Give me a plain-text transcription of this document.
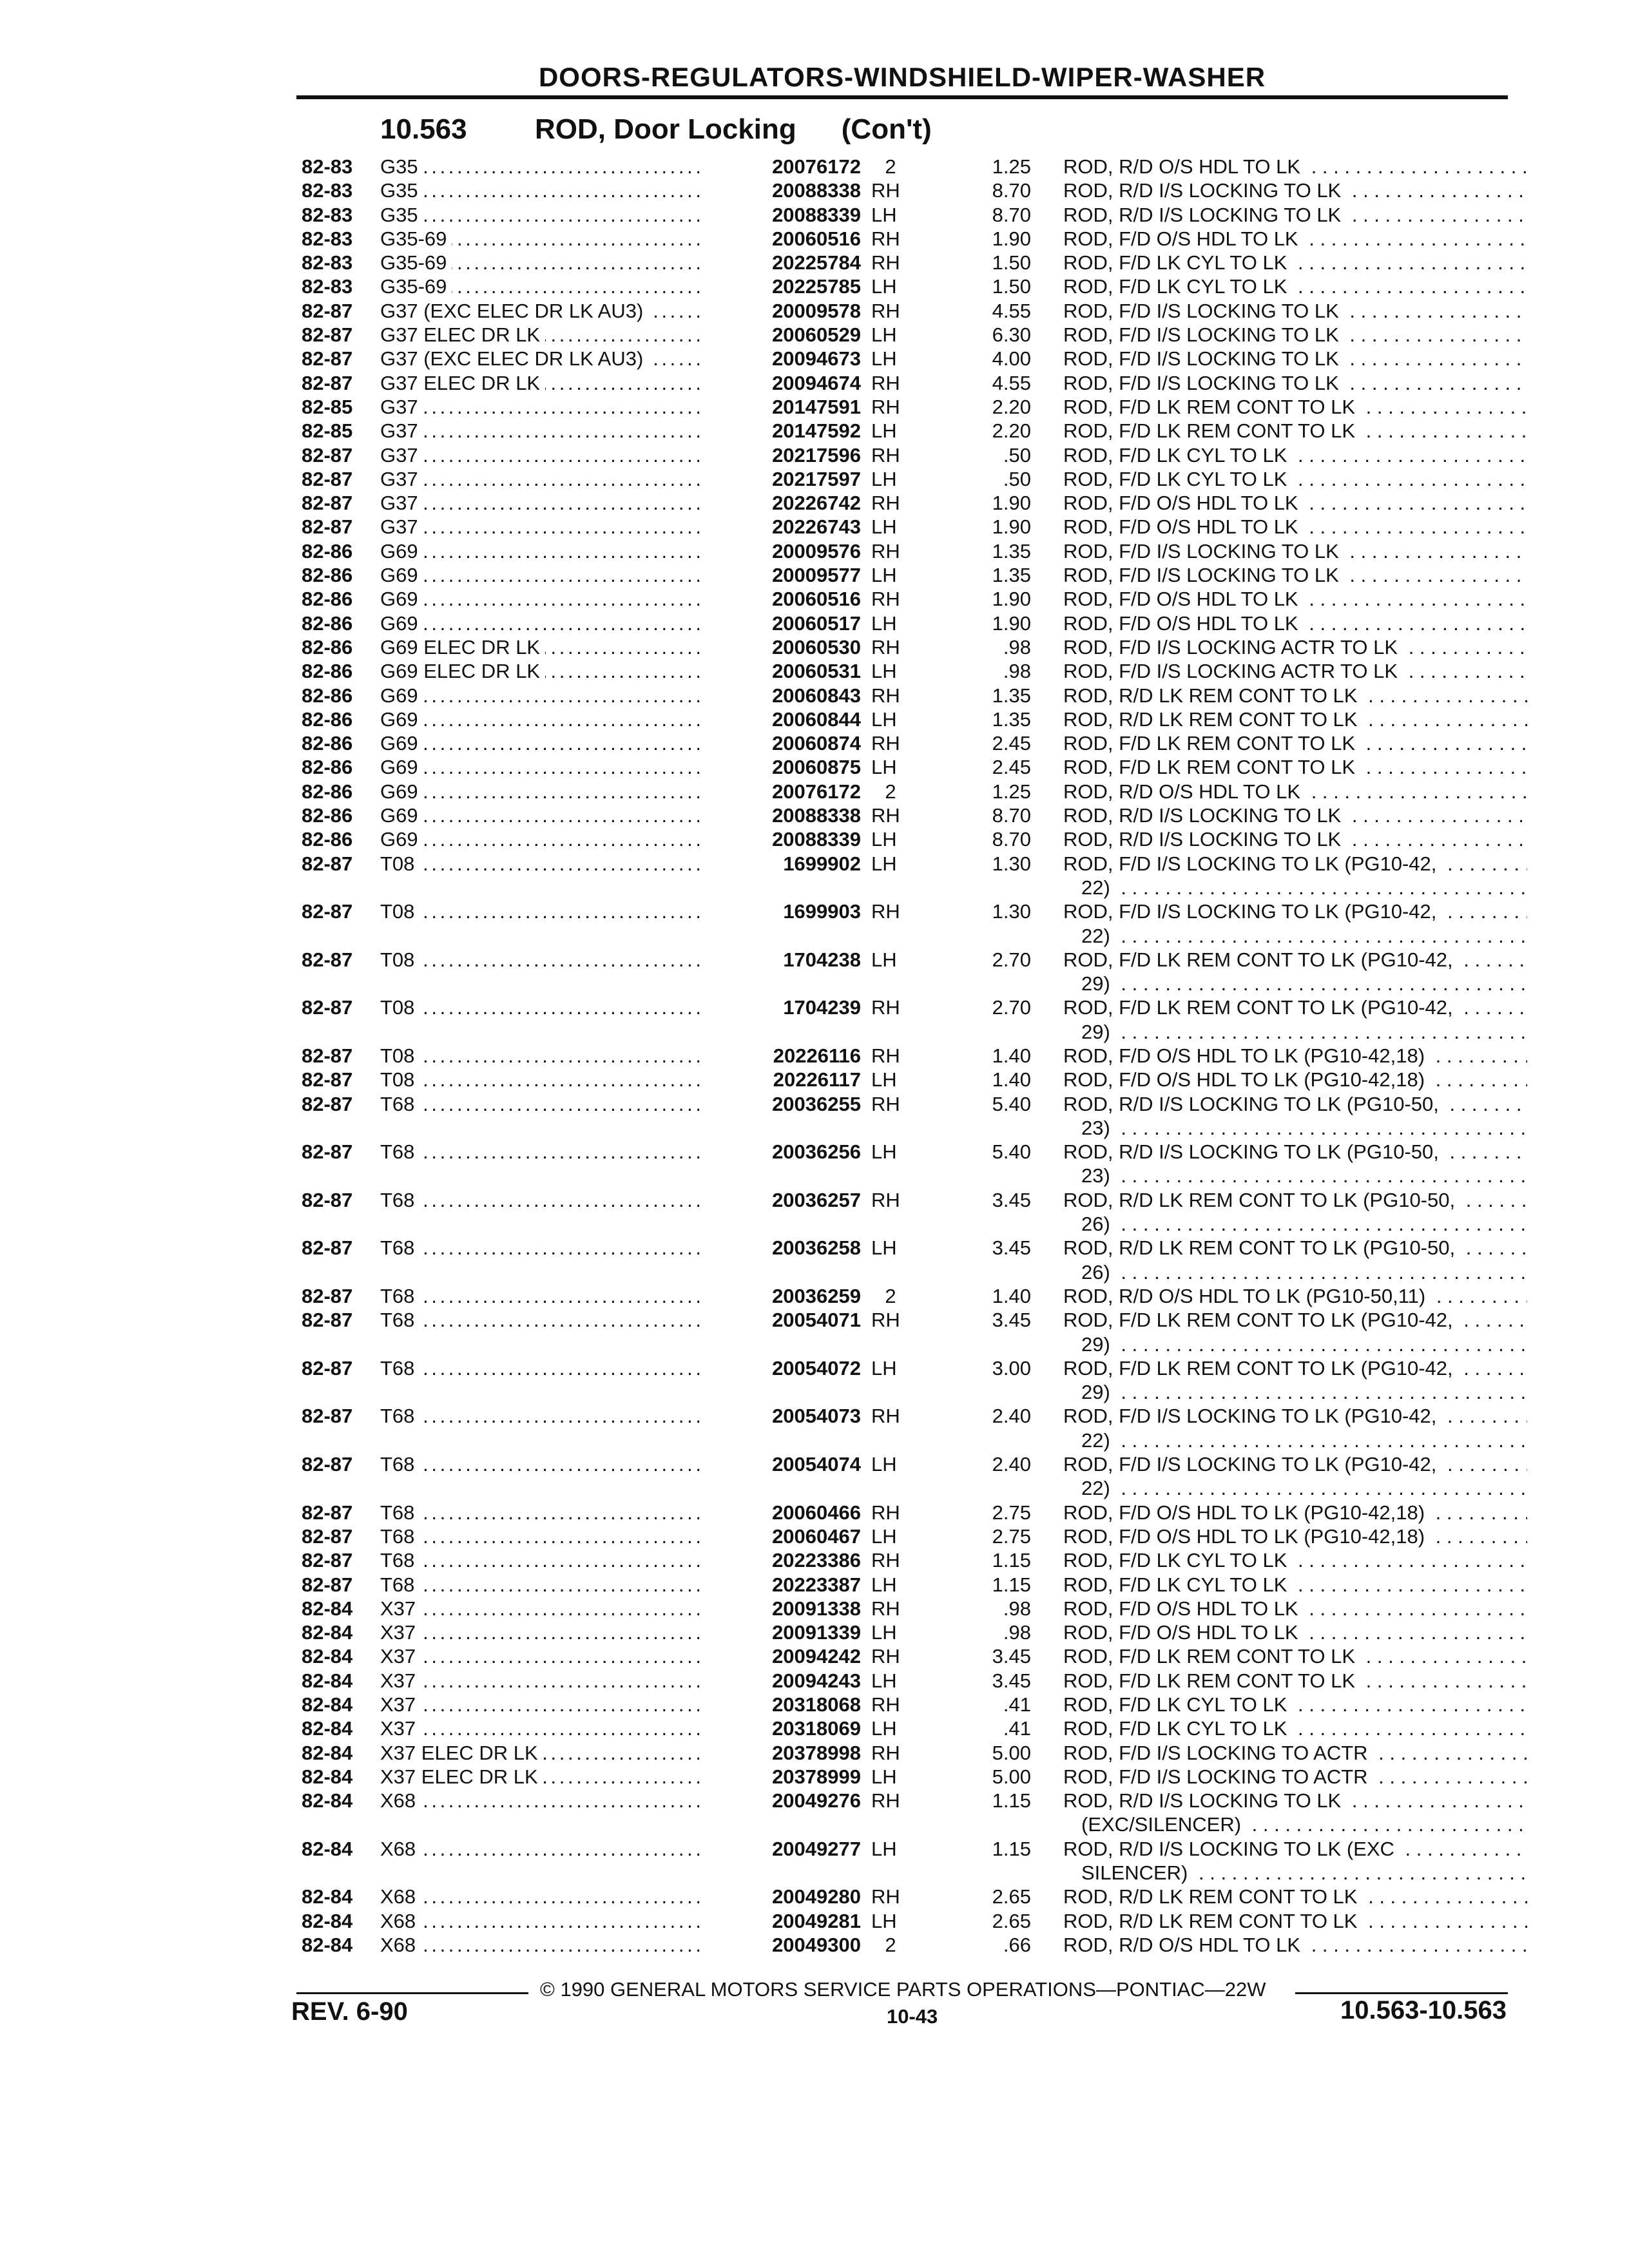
DOORS-REGULATORS-WINDSHIELD-WIPER-WASHER
10.563 ROD, Door Locking (Con't)
82-83	G35 . . .	20076172	2	1.25 ROD, R/D O/S HDL TO LK . . .
82-83	G35 . . .	20088338 RH	8.70 ROD, R/D I/S LOCKING TO LK . . .
82-83	G35 . . .	20088339 LH	8.70 ROD, R/D I/S LOCKING TO LK . . .
82-83	G35-69 . . .	20060516 RH	1.90 ROD, F/D O/S HDL TO LK . . .
82-83	G35-69 . . .	20225784 RH	1.50 ROD, F/D LK CYL TO LK . . .
82-83	G35-69 . . .	20225785 LH	1.50 ROD, F/D LK CYL TO LK . . .
82-87	G37 (EXC ELEC DR LK AU3) . . .	20009578 RH	4.55 ROD, F/D I/S LOCKING TO LK . . .
82-87	G37 ELEC DR LK . . .	20060529 LH	6.30 ROD, F/D I/S LOCKING TO LK . . .
82-87	G37 (EXC ELEC DR LK AU3) . . .	20094673 LH	4.00 ROD, F/D I/S LOCKING TO LK . . .
82-87	G37 ELEC DR LK . . .	20094674 RH	4.55 ROD, F/D I/S LOCKING TO LK . . .
82-85	G37 . . .	20147591 RH	2.20 ROD, F/D LK REM CONT TO LK . . .
82-85	G37 . . .	20147592 LH	2.20 ROD, F/D LK REM CONT TO LK . . .
82-87	G37 . . .	20217596 RH	.50 ROD, F/D LK CYL TO LK . . .
82-87	G37 . . .	20217597 LH	.50 ROD, F/D LK CYL TO LK . . .
82-87	G37 . . .	20226742 RH	1.90 ROD, F/D O/S HDL TO LK . . .
82-87	G37 . . .	20226743 LH	1.90 ROD, F/D O/S HDL TO LK . . .
82-86	G69 . . .	20009576 RH	1.35 ROD, F/D I/S LOCKING TO LK . . .
82-86	G69 . . .	20009577 LH	1.35 ROD, F/D I/S LOCKING TO LK . . .
82-86	G69 . . .	20060516 RH	1.90 ROD, F/D O/S HDL TO LK . . .
82-86	G69 . . .	20060517 LH	1.90 ROD, F/D O/S HDL TO LK . . .
82-86	G69 ELEC DR LK . . .	20060530 RH	.98 ROD, F/D I/S LOCKING ACTR TO LK . . .
82-86	G69 ELEC DR LK . . .	20060531 LH	.98 ROD, F/D I/S LOCKING ACTR TO LK . . .
82-86	G69 . . .	20060843 RH	1.35 ROD, R/D LK REM CONT TO LK . . .
82-86	G69 . . .	20060844 LH	1.35 ROD, R/D LK REM CONT TO LK . . .
82-86	G69 . . .	20060874 RH	2.45 ROD, F/D LK REM CONT TO LK . . .
82-86	G69 . . .	20060875 LH	2.45 ROD, F/D LK REM CONT TO LK . . .
82-86	G69 . . .	20076172	2	1.25 ROD, R/D O/S HDL TO LK . . .
82-86	G69 . . .	20088338 RH	8.70 ROD, R/D I/S LOCKING TO LK . . .
82-86	G69 . . .	20088339 LH	8.70 ROD, R/D I/S LOCKING TO LK . . .
82-87	T08 . . .	1699902 LH	1.30 ROD, F/D I/S LOCKING TO LK (PG10-42, . . .
22) . . .
82-87	T08 . . .	1699903 RH	1.30 ROD, F/D I/S LOCKING TO LK (PG10-42, . . .
22) . . .
82-87	T08 . . .	1704238 LH	2.70 ROD, F/D LK REM CONT TO LK (PG10-42, . . .
29) . . .
82-87	T08 . . .	1704239 RH	2.70 ROD, F/D LK REM CONT TO LK (PG10-42, . . .
29) . . .
82-87	T08 . . .	20226116 RH	1.40 ROD, F/D O/S HDL TO LK (PG10-42,18) . . .
82-87	T08 . . .	20226117 LH	1.40 ROD, F/D O/S HDL TO LK (PG10-42,18) . . .
82-87	T68 . . .	20036255 RH	5.40 ROD, R/D I/S LOCKING TO LK (PG10-50, . . .
23) . . .
82-87	T68 . . .	20036256 LH	5.40 ROD, R/D I/S LOCKING TO LK (PG10-50, . . .
23) . . .
82-87	T68 . . .	20036257 RH	3.45 ROD, R/D LK REM CONT TO LK (PG10-50, . . .
26) . . .
82-87	T68 . . .	20036258 LH	3.45 ROD, R/D LK REM CONT TO LK (PG10-50, . . .
26) . . .
82-87	T68 . . .	20036259	2	1.40 ROD, R/D O/S HDL TO LK (PG10-50,11) . . .
82-87	T68 . . .	20054071 RH	3.45 ROD, F/D LK REM CONT TO LK (PG10-42, . . .
29) . . .
82-87	T68 . . .	20054072 LH	3.00 ROD, F/D LK REM CONT TO LK (PG10-42, . . .
29) . . .
82-87	T68 . . .	20054073 RH	2.40 ROD, F/D I/S LOCKING TO LK (PG10-42, . . .
22) . . .
82-87	T68 . . .	20054074 LH	2.40 ROD, F/D I/S LOCKING TO LK (PG10-42, . . .
22) . . .
82-87	T68 . . .	20060466 RH	2.75 ROD, F/D O/S HDL TO LK (PG10-42,18) . . .
82-87	T68 . . .	20060467 LH	2.75 ROD, F/D O/S HDL TO LK (PG10-42,18) . . .
82-87	T68 . . .	20223386 RH	1.15 ROD, F/D LK CYL TO LK . . .
82-87	T68 . . .	20223387 LH	1.15 ROD, F/D LK CYL TO LK . . .
82-84	X37 . . .	20091338 RH	.98 ROD, F/D O/S HDL TO LK . . .
82-84	X37 . . .	20091339 LH	.98 ROD, F/D O/S HDL TO LK . . .
82-84	X37 . . .	20094242 RH	3.45 ROD, F/D LK REM CONT TO LK . . .
82-84	X37 . . .	20094243 LH	3.45 ROD, F/D LK REM CONT TO LK . . .
82-84	X37 . . .	20318068 RH	.41 ROD, F/D LK CYL TO LK . . .
82-84	X37 . . .	20318069 LH	.41 ROD, F/D LK CYL TO LK . . .
82-84	X37 ELEC DR LK . . .	20378998 RH	5.00 ROD, F/D I/S LOCKING TO ACTR . . .
82-84	X37 ELEC DR LK . . .	20378999 LH	5.00 ROD, F/D I/S LOCKING TO ACTR . . .
82-84	X68 . . .	20049276 RH	1.15 ROD, R/D I/S LOCKING TO LK . . .
(EXC/SILENCER) . . .
82-84	X68 . . .	20049277 LH	1.15 ROD, R/D I/S LOCKING TO LK (EXC . . .
SILENCER) . . .
82-84	X68 . . .	20049280 RH	2.65 ROD, R/D LK REM CONT TO LK . . .
82-84	X68 . . .	20049281 LH	2.65 ROD, R/D LK REM CONT TO LK . . .
82-84	X68 . . .	20049300	2	.66 ROD, R/D O/S HDL TO LK . . .
© 1990 GENERAL MOTORS SERVICE PARTS OPERATIONS—PONTIAC—22W
REV. 6-90	10-43	10.563-10.563
